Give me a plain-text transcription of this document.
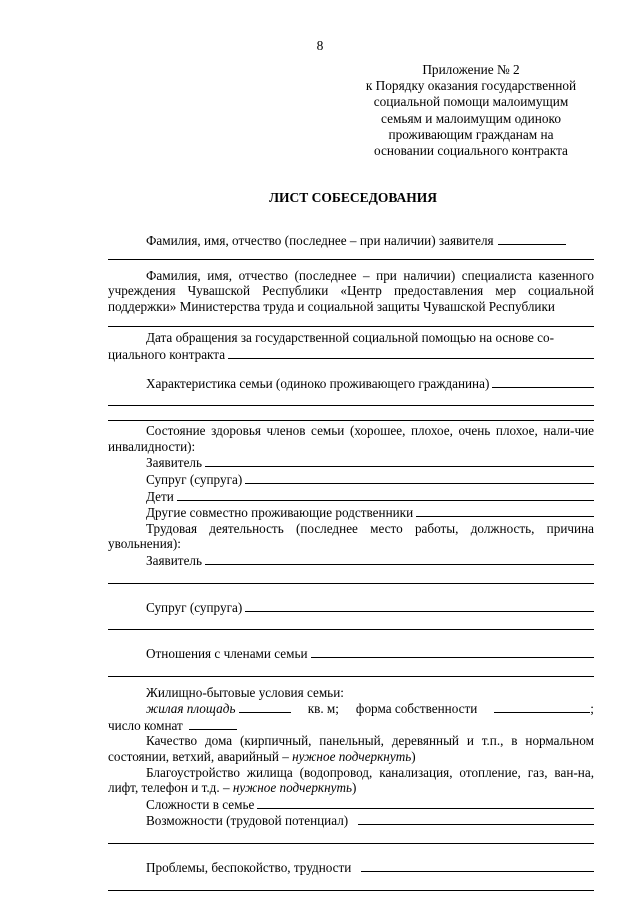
8
Приложение № 2
к Порядку оказания государственной
социальной помощи малоимущим
семьям и малоимущим одиноко
проживающим гражданам на
основании социального контракта
ЛИСТ СОБЕСЕДОВАНИЯ
Фамилия, имя, отчество (последнее – при наличии) заявителя
Фамилия, имя, отчество (последнее – при наличии) специалиста казенного учреждения Чувашской Республики «Центр предоставления мер социальной поддержки» Министерства труда и социальной защиты Чувашской Республики
Дата обращения за государственной социальной помощью на основе со-
циального контракта
Характеристика семьи (одиноко проживающего гражданина)
Состояние здоровья членов семьи (хорошее, плохое, очень плохое, нали-чие инвалидности):
Заявитель
Супруг (супруга)
Дети
Другие совместно проживающие родственники
Трудовая деятельность (последнее место работы, должность, причина увольнения):
Заявитель
Супруг (супруга)
Отношения с членами семьи
Жилищно-бытовые условия семьи:
жилая площадь	кв. м; форма собственности	;
число комнат
Качество дома (кирпичный, панельный, деревянный и т.п., в нормальном состоянии, ветхий, аварийный – нужное подчеркнуть)
Благоустройство жилища (водопровод, канализация, отопление, газ, ван-на, лифт, телефон и т.д. – нужное подчеркнуть)
Сложности в семье
Возможности (трудовой потенциал)
Проблемы, беспокойство, трудности
